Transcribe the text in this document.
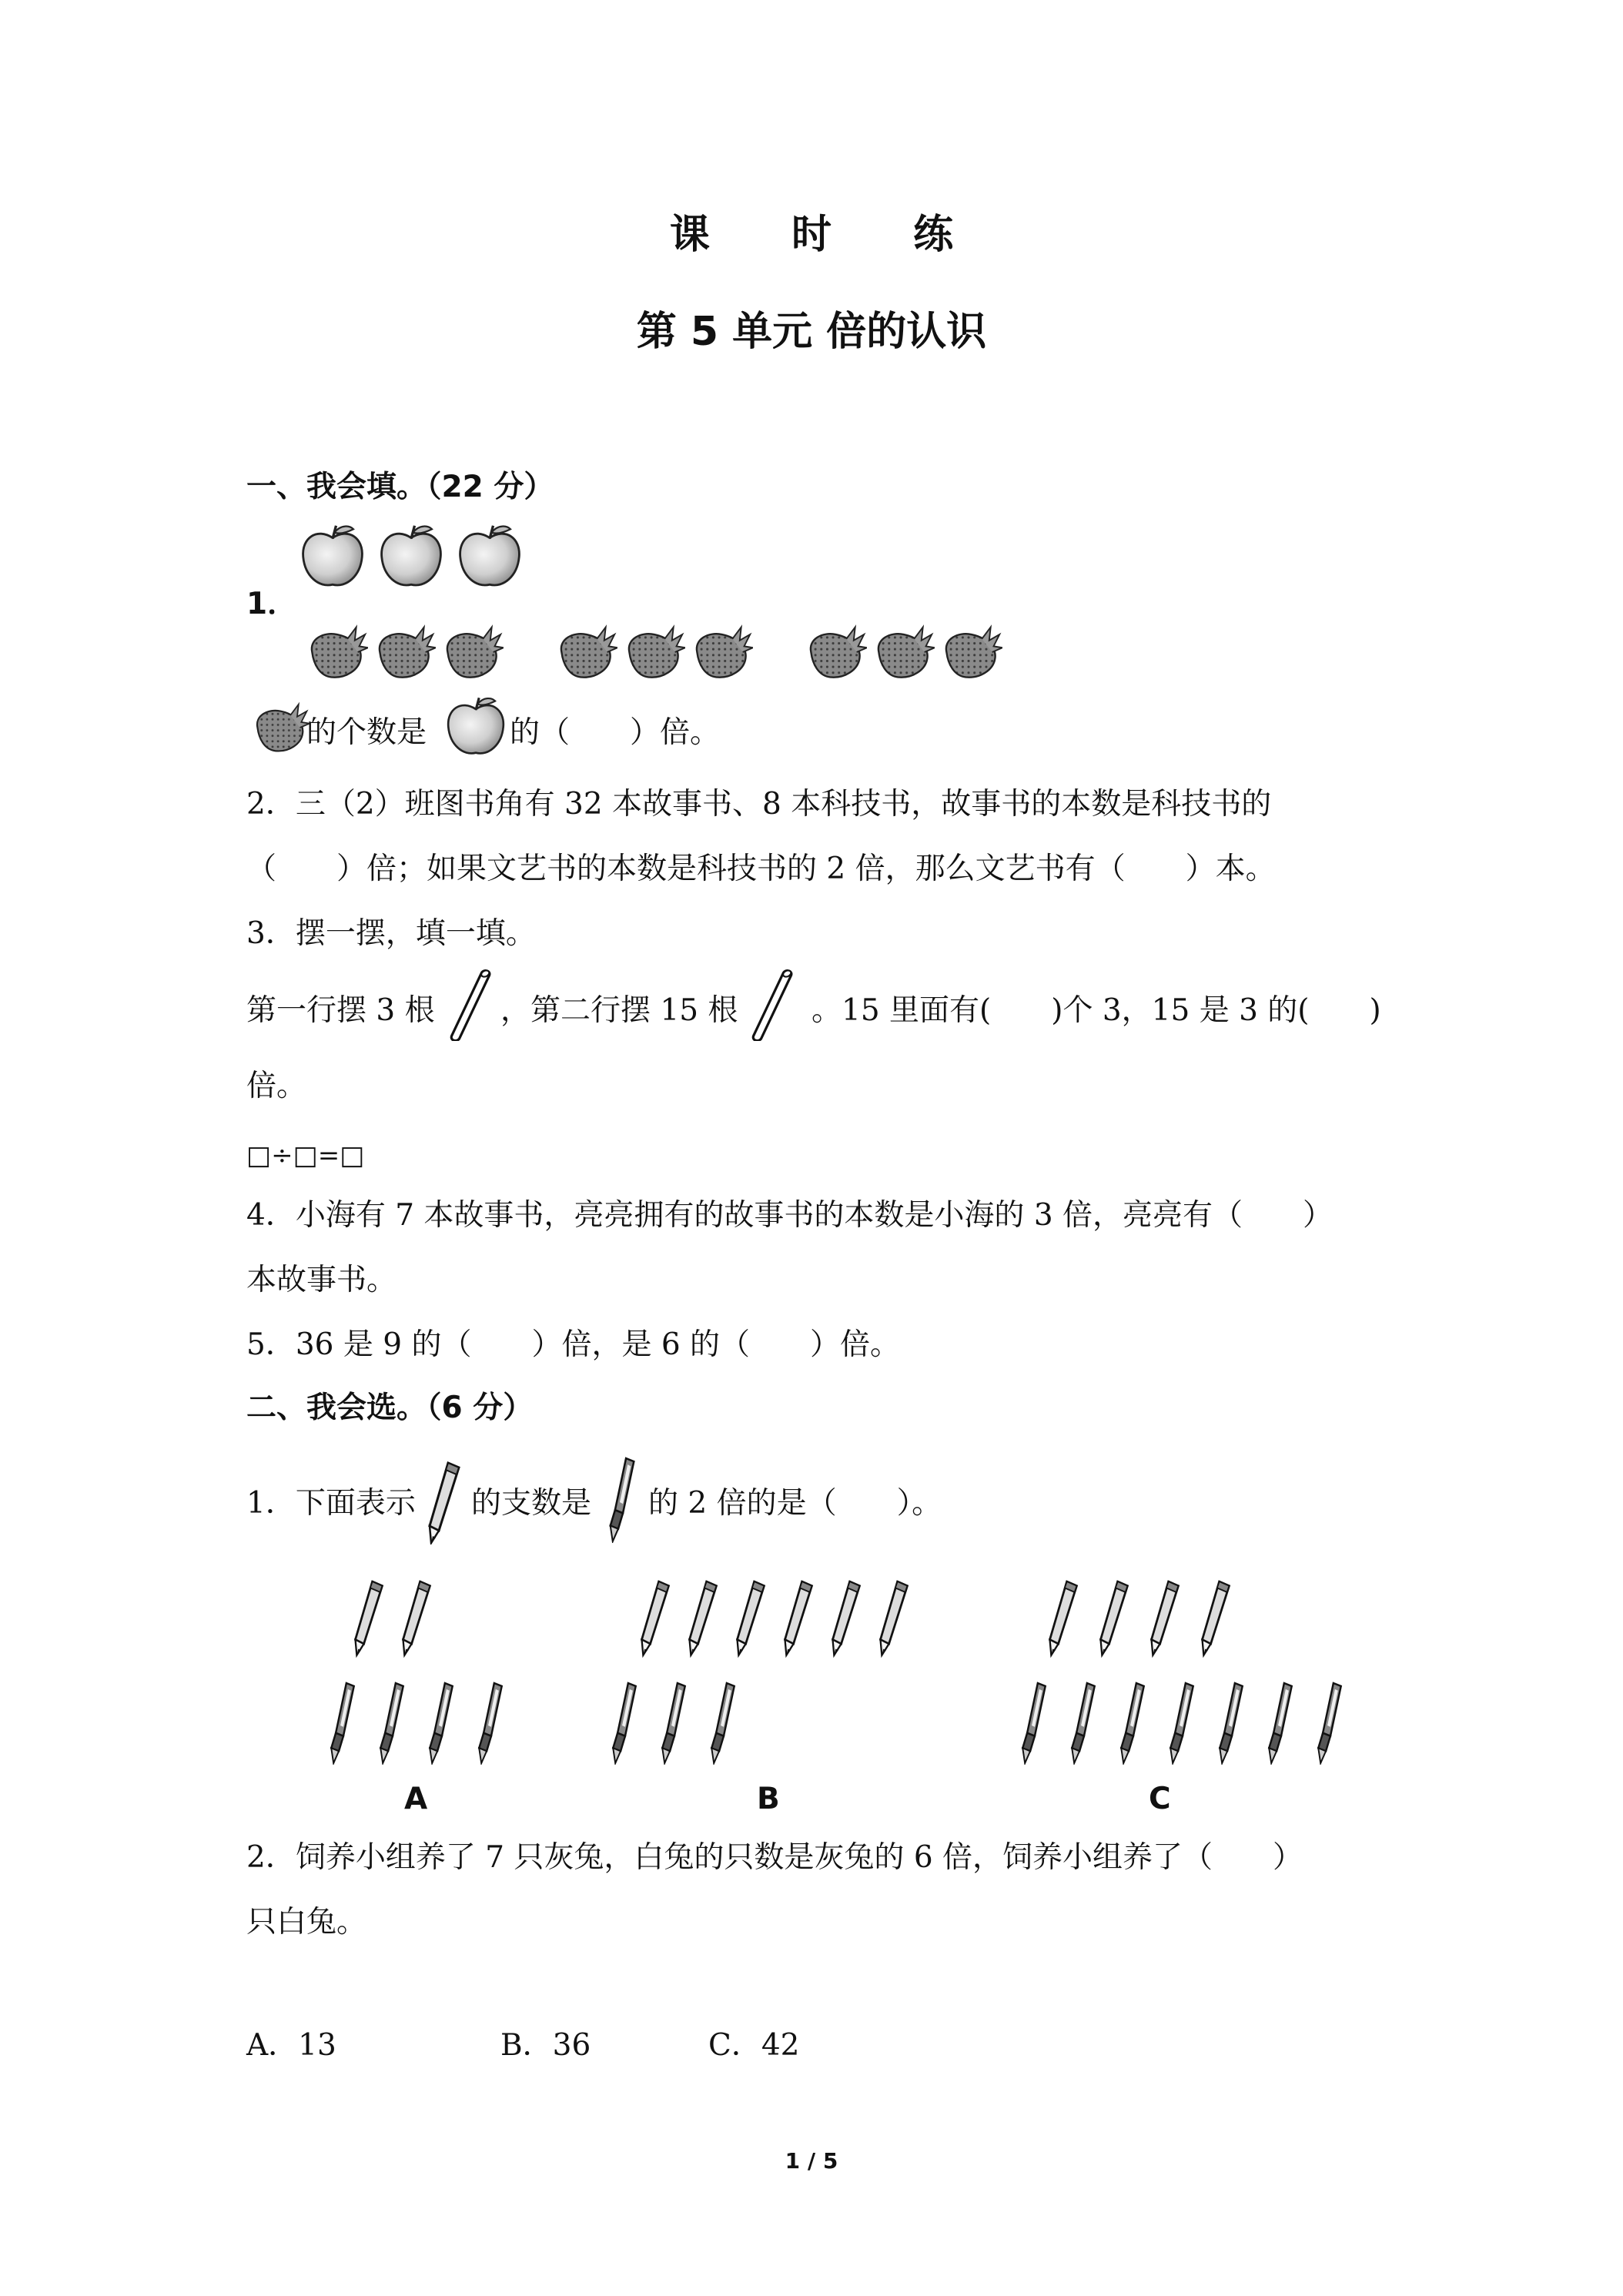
课 时 练
第 5 单元 倍的认识
一、我会填。（22 分）
1．
的个数是	的（　　）倍。
2．三（2）班图书角有 32 本故事书、8 本科技书，故事书的本数是科技书的
（　　）倍；如果文艺书的本数是科技书的 2 倍，那么文艺书有（　　）本。
3．摆一摆，填一填。
第一行摆 3 根 ，第二行摆 15 根 。15 里面有(　　)个 3，15 是 3 的(　　)
倍。
□÷□=□
4．小海有 7 本故事书，亮亮拥有的故事书的本数是小海的 3 倍，亮亮有（　　）
本故事书。
5．36 是 9 的（　　）倍，是 6 的（　　）倍。
二、我会选。（6 分）
1．下面表示 的支数是 的 2 倍的是（　　）。
A	B	C
2．饲养小组养了 7 只灰兔，白兔的只数是灰兔的 6 倍，饲养小组养了（　　）
只白兔。
A．13	B．36	C．42
1 / 5
